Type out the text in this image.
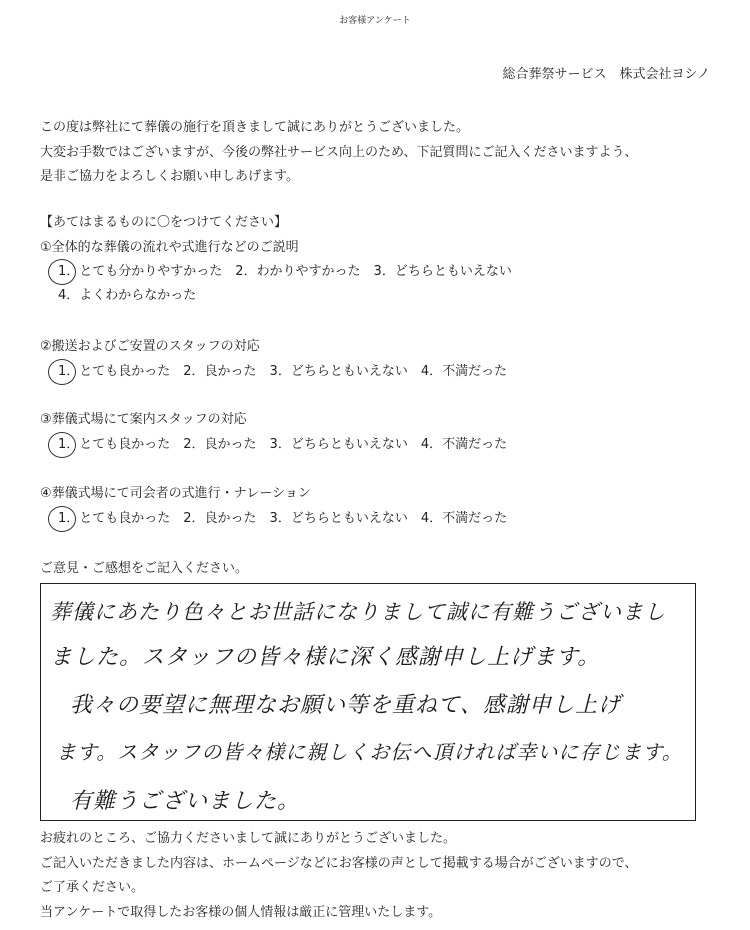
お客様アンケート
総合葬祭サービス　株式会社ヨシノ
この度は弊社にて葬儀の施行を頂きまして誠にありがとうございました。
大変お手数ではございますが、今後の弊社サービス向上のため、下記質問にご記入くださいますよう、
是非ご協力をよろしくお願い申しあげます。
【あてはまるものに〇をつけてください】
①全体的な葬儀の流れや式進行などのご説明
1．とても分かりやすかった　2．わかりやすかった　3．どちらともいえない
4．よくわからなかった
②搬送およびご安置のスタッフの対応
1．とても良かった　2．良かった　3．どちらともいえない　4．不満だった
③葬儀式場にて案内スタッフの対応
1．とても良かった　2．良かった　3．どちらともいえない　4．不満だった
④葬儀式場にて司会者の式進行・ナレーション
1．とても良かった　2．良かった　3．どちらともいえない　4．不満だった
ご意見・ご感想をご記入ください。
葬儀にあたり色々とお世話になりまして誠に有難うございまし
ました。スタッフの皆々様に深く感謝申し上げます。
我々の要望に無理なお願い等を重ねて、感謝申し上げ
ます。スタッフの皆々様に親しくお伝へ頂ければ幸いに存じます。
有難うございました。
お疲れのところ、ご協力くださいまして誠にありがとうございました。
ご記入いただきました内容は、ホームページなどにお客様の声として掲載する場合がございますので、
ご了承ください。
当アンケートで取得したお客様の個人情報は厳正に管理いたします。
